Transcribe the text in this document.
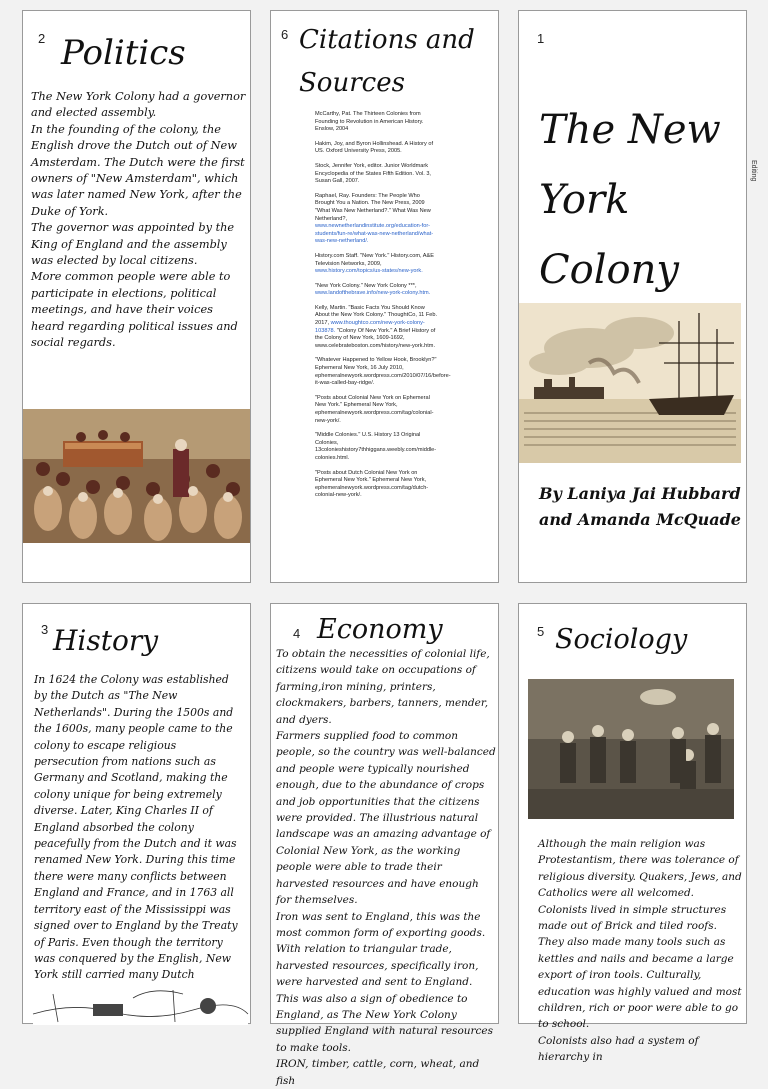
2 Politics

The New York Colony had a governor and elected assembly.

In the founding of the colony, the English drove the Dutch out of New Amsterdam. The Dutch were the first owners of "New Amsterdam", which was later named New York, after the Duke of York.

The governor was appointed by the King of England and the assembly was elected by local citizens.

More common people were able to participate in elections, political meetings, and have their voices heard regarding political issues and social regards.

6 Citations and Sources

McCarthy, Pat. The Thirteen Colonies from Founding to Revolution in American History. Enslow, 2004

Hakim, Joy, and Byron Hollinshead. A History of US. Oxford University Press, 2005.

Stock, Jennifer York, editor. Junior Worldmark Encyclopedia of the States Fifth Edition. Vol. 3, Susan Gall, 2007.

Raphael, Ray. Founders: The People Who Brought You a Nation. The New Press, 2009 "What Was New Netherland?." What Was New Netherland?, www.newnetherlandinstitute.org/education-for-students/fun-re/what-was-new-netherland/what-was-new-netherland/.

History.com Staff. "New York." History.com, A&E Television Networks, 2009, www.history.com/topics/us-states/new-york.

"New York Colony." New York Colony ***, www.landofthebrave.info/new-york-colony.htm.

Kelly, Martin. "Basic Facts You Should Know About the New York Colony." ThoughtCo, 11 Feb. 2017, www.thoughtco.com/new-york-colony-103878. "Colony Of New York." A Brief History of the Colony of New York, 1609-1692, www.celebrateboston.com/history/new-york.htm.

"Whatever Happened to Yellow Hook, Brooklyn?" Ephemeral New York, 16 July 2010, ephemeralnewyork.wordpress.com/2010/07/16/before-it-was-called-bay-ridge/.

"Posts about Colonial New York on Ephemeral New York." Ephemeral New York, ephemeralnewyork.wordpress.com/tag/colonial-new-york/.

"Middle Colonies." U.S. History 13 Original Colonies, 13colonieshistory7thhiggans.weebly.com/middle-colonies.html.

"Posts about Dutch Colonial New York on Ephemeral New York." Ephemeral New York, ephemeralnewyork.wordpress.com/tag/dutch-colonial-new-york/.

1
The New
York
Colony
By Laniya Jai Hubbard
and Amanda McQuade
Editing
3 History
In 1624 the Colony was established by the Dutch as "The New Netherlands". During the 1500s and the 1600s, many people came to the colony to escape religious persecution from nations such as Germany and Scotland, making the colony unique for being extremely diverse. Later, King Charles II of England absorbed the colony peacefully from the Dutch and it was renamed New York. During this time there were many conflicts between England and France, and in 1763 all territory east of the Mississippi was signed over to England by the Treaty of Paris. Even though the territory was conquered by the English, New York still carried many Dutch
4 Economy

To obtain the necessities of colonial life, citizens would take on occupations of farming,iron mining, printers, clockmakers, barbers, tanners, mender, and dyers.

Farmers supplied food to common people, so the country was well-balanced and people were typically nourished enough, due to the abundance of crops and job opportunities that the citizens were provided. The illustrious natural landscape was an amazing advantage of Colonial New York, as the working people were able to trade their harvested resources and have enough for themselves.

Iron was sent to England, this was the most common form of exporting goods. With relation to triangular trade, harvested resources, specifically iron, were harvested and sent to England. This was also a sign of obedience to England, as The New York Colony supplied England with natural resources to make tools.

IRON, timber, cattle, corn, wheat, and fish

5 Sociology

Although the main religion was Protestantism, there was tolerance of religious diversity. Quakers, Jews, and Catholics were all welcomed.

Colonists lived in simple structures made out of Brick and tiled roofs.

They also made many tools such as kettles and nails and became a large export of iron tools. Culturally, education was highly valued and most children, rich or poor were able to go to school.

Colonists also had a system of hierarchy in
